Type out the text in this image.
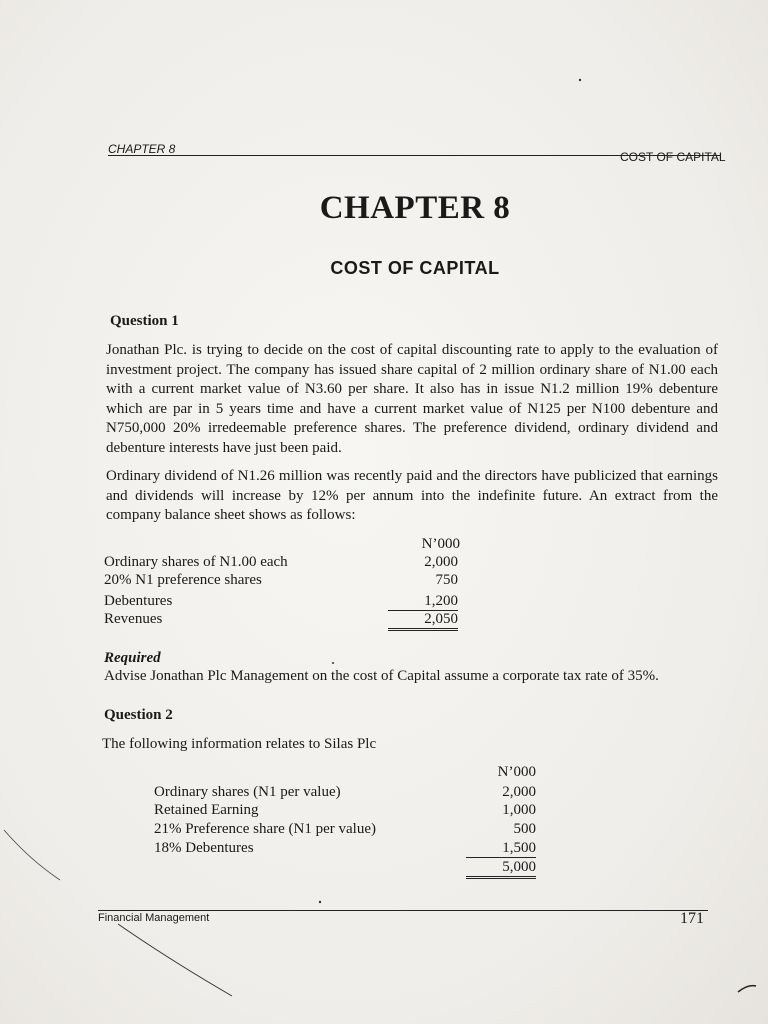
CHAPTER 8
COST OF CAPITAL
CHAPTER 8
COST OF CAPITAL
Question 1
Jonathan Plc. is trying to decide on the cost of capital discounting rate to apply to the evaluation of investment project. The company has issued share capital of 2 million ordinary share of N1.00 each with a current market value of N3.60 per share. It also has in issue N1.2 million 19% debenture which are par in 5 years time and have a current market value of N125 per N100 debenture and N750,000 20% irredeemable preference shares. The preference dividend, ordinary dividend and debenture interests have just been paid.
Ordinary dividend of N1.26 million was recently paid and the directors have publicized that earnings and dividends will increase by 12% per annum into the indefinite future. An extract from the company balance sheet shows as follows:
N’000
Ordinary shares of N1.00 each	2,000
20% N1 preference shares	750
Debentures	1,200
Revenues	2,050
Required
Advise Jonathan Plc Management on the cost of Capital assume a corporate tax rate of 35%.
Question 2
The following information relates to Silas Plc
N’000
Ordinary shares (N1 per value)	2,000
Retained Earning	1,000
21% Preference share (N1 per value)	500
18% Debentures	1,500
5,000
Financial Management	171
